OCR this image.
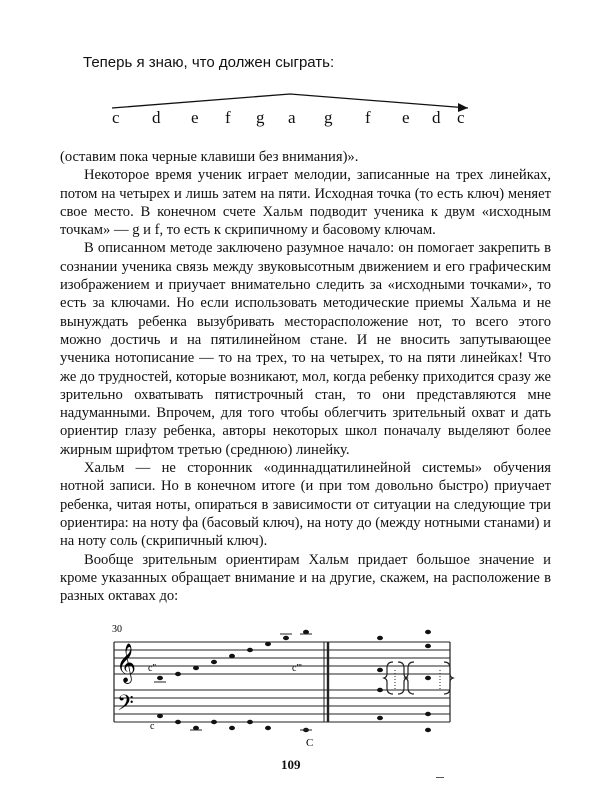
Теперь я знаю, что должен сыграть:
c d e f g a g f e d c

(оставим пока черные клавиши без внимания)».

Некоторое время ученик играет мелодии, записанные на трех линейках, потом на четырех и лишь затем на пяти. Исходная точка (то есть ключ) меняет свое место. В конечном счете Хальм подводит ученика к двум «исходным точкам» — g и f, то есть к скрипичному и басовому ключам.

В описанном методе заключено разумное начало: он помогает закрепить в сознании ученика связь между звуковысотным движением и его графическим изображением и приучает внимательно следить за «исходными точками», то есть за ключами. Но если использовать методические приемы Хальма и не вынуждать ребенка вызубривать месторасположение нот, то всего этого можно достичь и на пятилинейном стане. И не вносить запутывающее ученика нотописание — то на трех, то на четырех, то на пяти линейках! Что же до трудностей, которые возникают, мол, когда ребенку приходится сразу же зрительно охватывать пятистрочный стан, то они представляются мне надуманными. Впрочем, для того чтобы облегчить зрительный охват и дать ориентир глазу ребенка, авторы некоторых школ поначалу выделяют более жирным шрифтом третью (среднюю) линейку.

Хальм — не сторонник «одиннадцатилинейной системы» обучения нотной записи. Но в конечном итоге (и при том довольно быстро) приучает ребенка, читая ноты, опираться в зависимости от ситуации на следующие три ориентира: на ноту фа (басовый ключ), на ноту до (между нотными станами) и на ноту соль (скрипичный ключ).

Вообще зрительным ориентирам Хальм придает большое значение и кроме указанных обращает внимание и на другие, скажем, на расположение в разных октавах до:

30
𝄞
𝄢
c''	c'''
c
C
109
